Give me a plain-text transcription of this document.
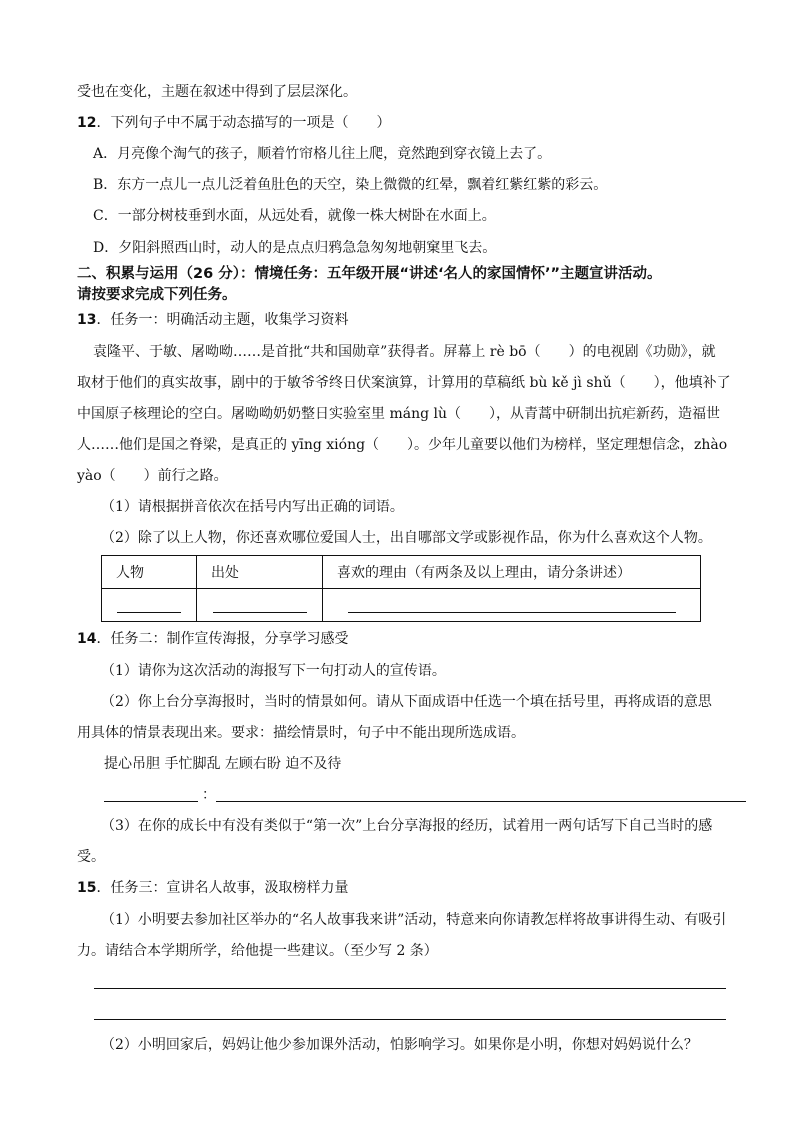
受也在变化，主题在叙述中得到了层层深化。
12．下列句子中不属于动态描写的一项是（　　）
A．月亮像个淘气的孩子，顺着竹帘格儿往上爬，竟然跑到穿衣镜上去了。
B．东方一点儿一点儿泛着鱼肚色的天空，染上微微的红晕，飘着红紫红紫的彩云。
C．一部分树枝垂到水面，从远处看，就像一株大树卧在水面上。
D．夕阳斜照西山时，动人的是点点归鸦急急匆匆地朝窠里飞去。
二、积累与运用（26 分）：情境任务：五年级开展“讲述‘名人的家国情怀’”主题宣讲活动。
请按要求完成下列任务。
13．任务一：明确活动主题，收集学习资料
袁隆平、于敏、屠呦呦……是首批“共和国勋章”获得者。屏幕上 rè bō（　　）的电视剧《功勋》，就
取材于他们的真实故事，剧中的于敏爷爷终日伏案演算，计算用的草稿纸 bù kě jì shǔ（　　），他填补了
中国原子核理论的空白。屠呦呦奶奶整日实验室里 máng lù（　　），从青蒿中研制出抗疟新药，造福世
人……他们是国之脊梁，是真正的 yīng xióng（　　）。少年儿童要以他们为榜样，坚定理想信念，zhào
yào（　　）前行之路。
（1）请根据拼音依次在括号内写出正确的词语。
（2）除了以上人物，你还喜欢哪位爱国人士，出自哪部文学或影视作品，你为什么喜欢这个人物。
人物	出处	喜欢的理由（有两条及以上理由，请分条讲述）

14．任务二：制作宣传海报，分享学习感受
（1）请你为这次活动的海报写下一句打动人的宣传语。
（2）你上台分享海报时，当时的情景如何。请从下面成语中任选一个填在括号里，再将成语的意思
用具体的情景表现出来。要求：描绘情景时，句子中不能出现所选成语。
提心吊胆 手忙脚乱 左顾右盼 迫不及待
：
（3）在你的成长中有没有类似于“第一次”上台分享海报的经历，试着用一两句话写下自己当时的感
受。
15．任务三：宣讲名人故事，汲取榜样力量
（1）小明要去参加社区举办的“名人故事我来讲”活动，特意来向你请教怎样将故事讲得生动、有吸引
力。请结合本学期所学，给他提一些建议。（至少写 2 条）
（2）小明回家后，妈妈让他少参加课外活动，怕影响学习。如果你是小明，你想对妈妈说什么？
